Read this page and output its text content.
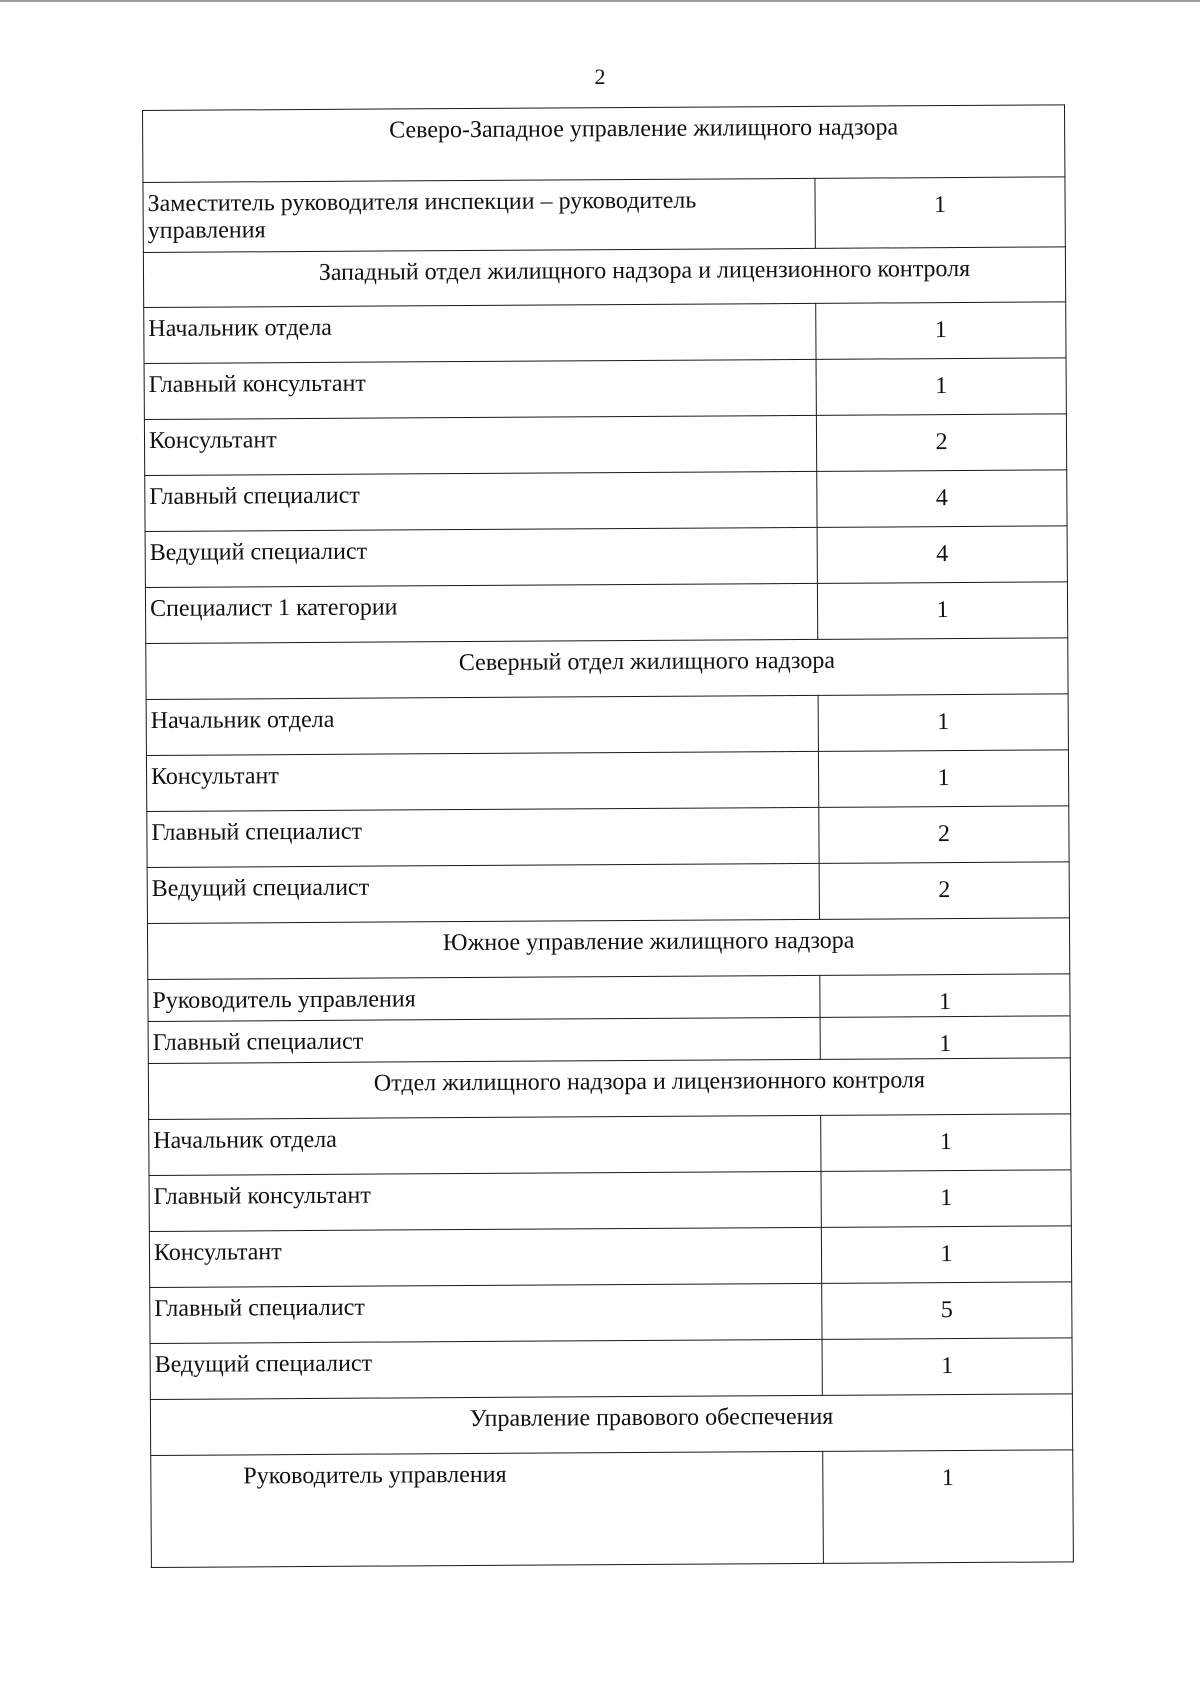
2
Северо-Западное управление жилищного надзора	
Заместитель руководителя инспекции – руководитель управления	1
Западный отдел жилищного надзора и лицензионного контроля	
Начальник отдела	1
Главный консультант	1
Консультант	2
Главный специалист	4
Ведущий специалист	4
Специалист 1 категории	1
Северный отдел жилищного надзора	
Начальник отдела	1
Консультант	1
Главный специалист	2
Ведущий специалист	2
Южное управление жилищного надзора	
Руководитель управления	1
Главный специалист	1
Отдел жилищного надзора и лицензионного контроля	
Начальник отдела	1
Главный консультант	1
Консультант	1
Главный специалист	5
Ведущий специалист	1
Управление правового обеспечения	
Руководитель управления	1
